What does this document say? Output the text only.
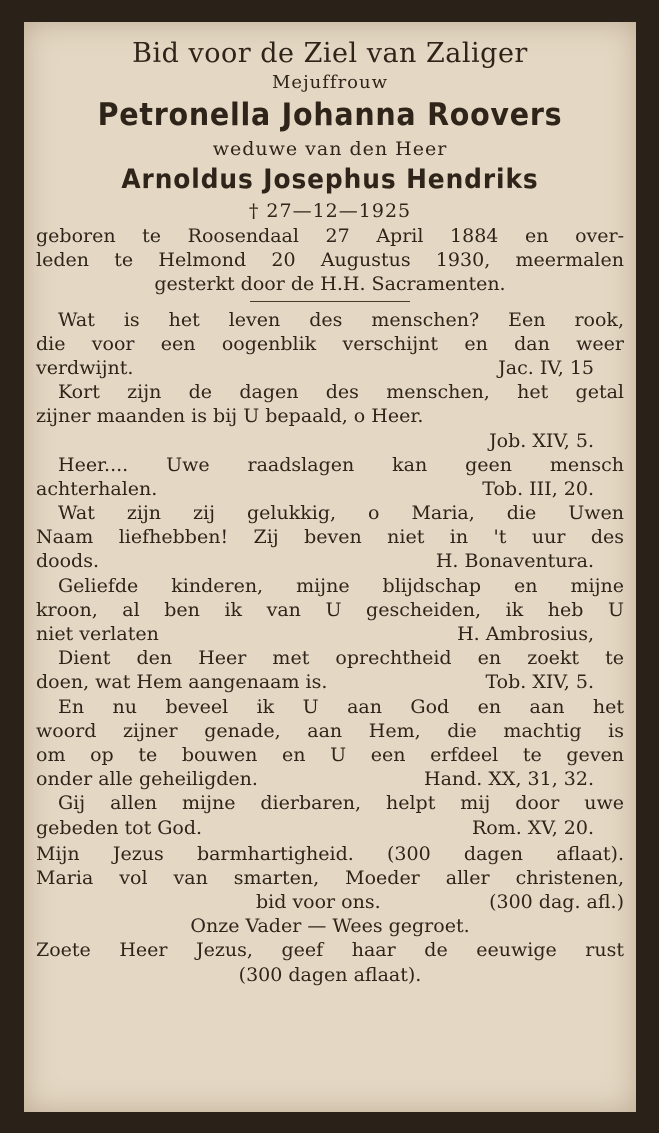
Bid voor de Ziel van Zaliger
Mejuffrouw
Petronella Johanna Roovers
weduwe van den Heer
Arnoldus Josephus Hendriks
† 27—12—1925
geboren te Roosendaal 27 April 1884 en over-
leden te Helmond 20 Augustus 1930, meermalen
gesterkt door de H.H. Sacramenten.
Wat is het leven des menschen? Een rook,
die voor een oogenblik verschijnt en dan weer
verdwijnt.	Jac. IV, 15
Kort zijn de dagen des menschen, het getal
zijner maanden is bij U bepaald, o Heer.
Job. XIV, 5.
Heer.... Uwe raadslagen kan geen mensch
achterhalen.	Tob. III, 20.
Wat zijn zij gelukkig, o Maria, die Uwen
Naam liefhebben! Zij beven niet in 't uur des
doods.	H. Bonaventura.
Geliefde kinderen, mijne blijdschap en mijne
kroon, al ben ik van U gescheiden, ik heb U
niet verlaten	H. Ambrosius,
Dient den Heer met oprechtheid en zoekt te
doen, wat Hem aangenaam is.	Tob. XIV, 5.
En nu beveel ik U aan God en aan het
woord zijner genade, aan Hem, die machtig is
om op te bouwen en U een erfdeel te geven
onder alle geheiligden.	Hand. XX, 31, 32.
Gij allen mijne dierbaren, helpt mij door uwe
gebeden tot God.	Rom. XV, 20.
Mijn Jezus barmhartigheid. (300 dagen aflaat).
Maria vol van smarten, Moeder aller christenen,
bid voor ons.	(300 dag. afl.)
Onze Vader — Wees gegroet.
Zoete Heer Jezus, geef haar de eeuwige rust
(300 dagen aflaat).
